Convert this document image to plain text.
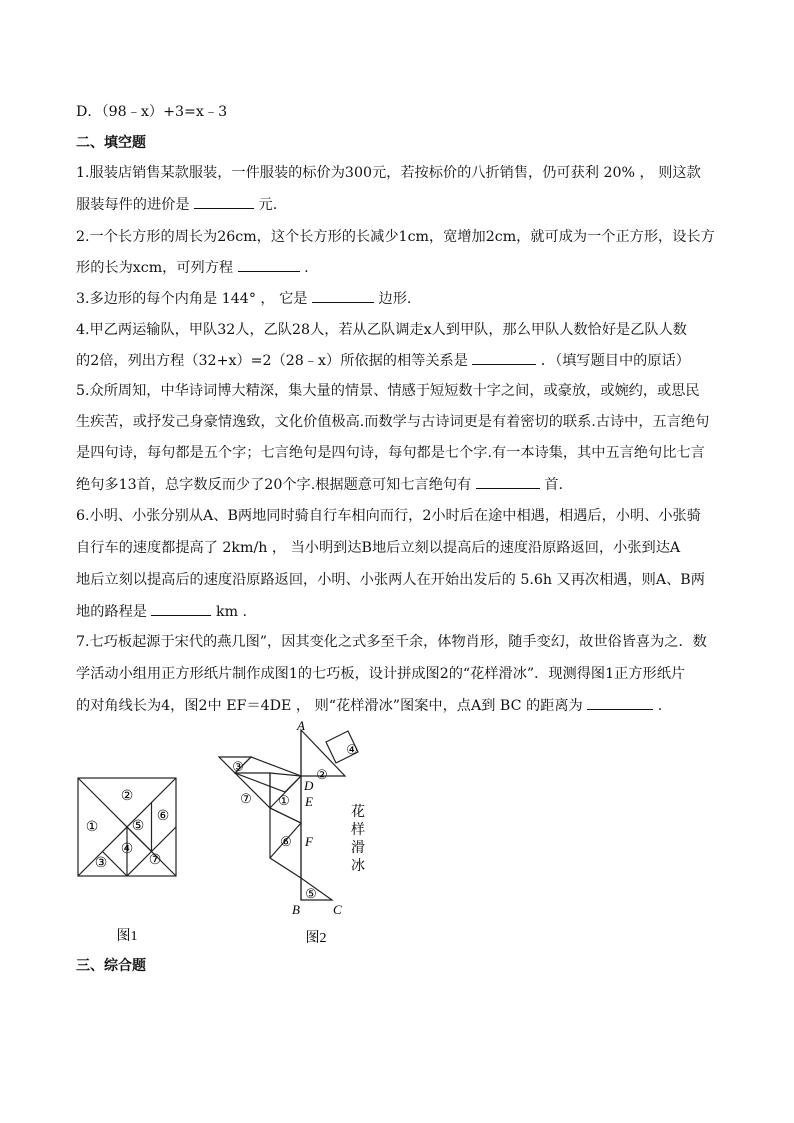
D．（98﹣x）+3=x﹣3
二、填空题
1.服装店销售某款服装，一件服装的标价为300元，若按标价的八折销售，仍可获利 20% ， 则这款
服装每件的进价是	元.
2.一个长方形的周长为26cm，这个长方形的长减少1cm，宽增加2cm，就可成为一个正方形，设长方
形的长为xcm，可列方程	.
3.多边形的每个内角是 144° ， 它是	边形.
4.甲乙两运输队，甲队32人，乙队28人，若从乙队调走x人到甲队，那么甲队人数恰好是乙队人数
的2倍，列出方程（32+x）=2（28﹣x）所依据的相等关系是	．（填写题目中的原话）
5.众所周知，中华诗词博大精深，集大量的情景、情感于短短数十字之间，或豪放，或婉约，或思民
生疾苦，或抒发己身豪情逸致，文化价值极高.而数学与古诗词更是有着密切的联系.古诗中，五言绝句
是四句诗，每句都是五个字；七言绝句是四句诗，每句都是七个字.有一本诗集，其中五言绝句比七言
绝句多13首，总字数反而少了20个字.根据题意可知七言绝句有	首.
6.小明、小张分别从A、B两地同时骑自行车相向而行，2小时后在途中相遇，相遇后，小明、小张骑
自行车的速度都提高了 2km/h ， 当小明到达B地后立刻以提高后的速度沿原路返回，小张到达A
地后立刻以提高后的速度沿原路返回，小明、小张两人在开始出发后的 5.6h 又再次相遇，则A、B两
地的路程是	km .
7.七巧板起源于宋代的燕几图”，因其变化之式多至千余，体物肖形，随手变幻，故世俗皆喜为之．数
学活动小组用正方形纸片制作成图1的七巧板，设计拼成图2的“花样滑冰”．现测得图1正方形纸片
的对角线长为4，图2中 EF＝4DE ， 则“花样滑冰”图案中，点A到 BC 的距离为	.
②
① ⑤
⑥
④
③	⑦
图1
④
③
②
⑦ ①
⑥
⑤
A
D
E
F
B	C
花
样
滑
冰
图2
三、综合题
